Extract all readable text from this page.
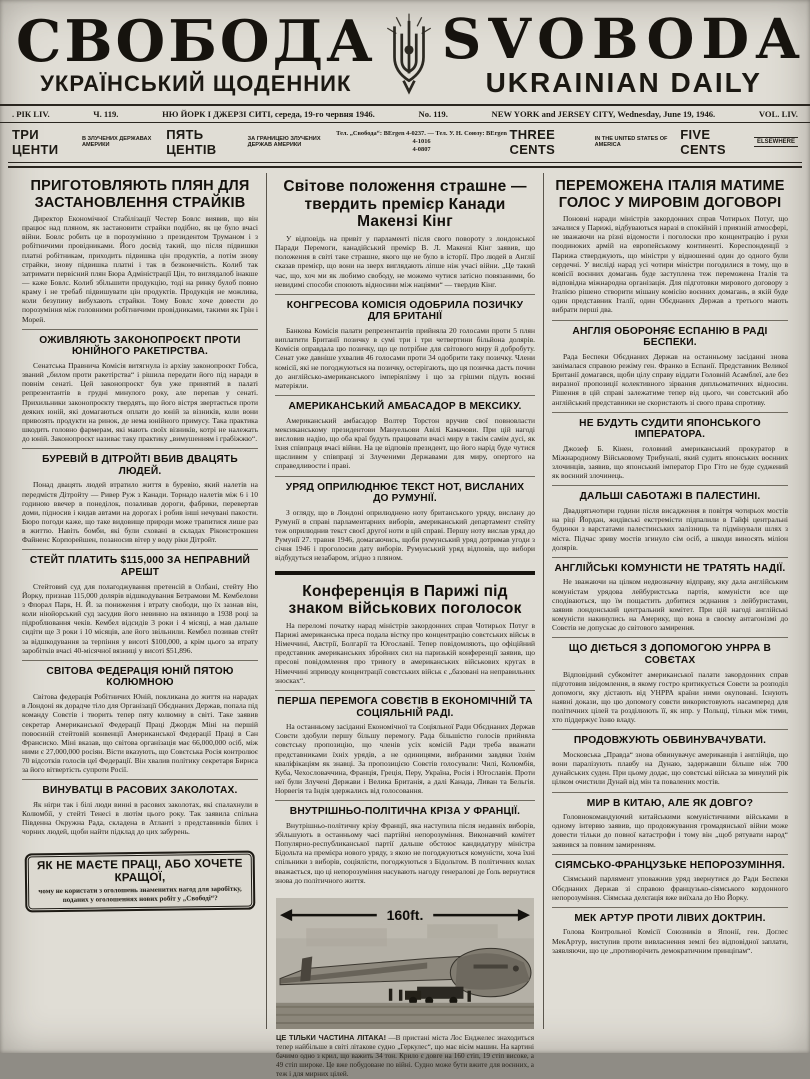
СВОБОДА
УКРАЇНСЬКИЙ ЩОДЕННИК
SVOBODA
UKRAINIAN DAILY
. РІК LIV.	Ч. 119.	НЮ ЙОРК І ДЖЕРЗІ СИТІ, середа, 19-го червня 1946.	No. 119.	NEW YORK and JERSEY CITY, Wednesday, June 19, 1946.	VOL. LIV.
ТРИ ЦЕНТИ
В ЗЛУЧЕНИХ ДЕРЖАВАХ АМЕРИКИ
ПЯТЬ ЦЕНТІВ
ЗА ГРАНИЦЕЮ ЗЛУЧЕНИХ ДЕРЖАВ АМЕРИКИ
Тел. „Свобода“: BErgen 4-0237. — Тел. У. Н. Союзу: BErgen 4-1016
4-0807
THREE CENTS
IN THE UNITED STATES OF AMERICA
FIVE CENTS	ELSEWHERE
ПРИГОТОВЛЯЮТЬ ПЛЯН ДЛЯ ЗАСТАНОВЛЕННЯ СТРАЙКІВ

Директор Економічної Стабілізації Честер Бовлс виявив, що він працює над пляном, як застановити страйки подібно, як це було вчасі війни. Бовлс робить це в порозумінню з президентом Труманом і з робітничими провідниками. Його досвід такий, що після підвишки платні робітникам, приходить підвишка цін продуктів, а потім знову страйки, знову підвишка платні і так в безконечність. Колиб так затримати первісний плян Бюра Адміністрації Цін, то виглядалоб інакше — каже Бовлс. Колиб збільшити продукцію, тоді на ринку булоб повно краму і не требаб підвишувати цін продуктів. Продукція не можлива, коли безупину вибухають страйки. Тому Бовлс хоче довести до порозуміння між головними робітничими провідниками, такими як Грін і Морей.

ОЖИВЛЯЮТЬ ЗАКОНОПРОЄКТ ПРОТИ ЮНІЙНОГО РАКЕТІРСТВА.

Сенатська Правнича Комісія витягнула із архіву законопроєкт Гобса, званий „билом проти ракетірства“ і рішила передати його під наради в повнім сенаті. Цей законопроєкт був уже принятий в палаті репрезентантів в грудні минулого року, але перепав у сенаті. Прихильники законопроєкту твердять, що його вістря звертається проти деяких юній, які домагаються оплати до юній за візників, коли вони привозять продукти на ринок, де нема юнійного примусу. Така практика шкодить головно фармерам, які мають своїх візників, котрі не належать до юній. Законопроєкт називає таку практику „вимушенням і грабіжжю“.

БУРЕВІЙ В ДІТРОЙТІ ВБИВ ДВАЦЯТЬ ЛЮДЕЙ.

Понад двацять людей втратило життя в буревію, який налетів на передмістя Дітройту — Ривер Руж з Канади. Торнадо налетів між 6 і 10 годиною ввечер в понеділок, позаливав дороги, фабрики, перевертав доми, підносив і кидав автами на дорогах і робив інші нечувані пакости. Бюро погоди каже, що таке видовище природи може трапитися лише раз в життю. Навіть бомби, які були сховані в складах Ріконстрокшен Файненс Корпорейшен, позаносив вітер у воду ріки Дітройт.

СТЕЙТ ПЛАТИТЬ $115,000 ЗА НЕПРАВНИЙ АРЕШТ

Стейтовий суд для полагоджування претенсій в Олбані, стейту Ню Йорку, признав 115,000 долярів відшкодування Бетрамови М. Кембелови з Флорал Парк, Н. Й. за пониження і втрату свободи, що їх зазнав він, коли ніюйорський суд засудив його невинно на вязницю в 1938 році за підроблювання чеків. Кембел відсидів 3 роки і 4 місяці, а мав дальше сидіти ще 3 роки і 10 місяців, але його звільнили. Кембел позивав стейт за відшкодування за терпіння у висоті $100,000, а крім цього за втрату заробітків вчасі 40-місячної вязниці у висоті $51,896.

СВІТОВА ФЕДЕРАЦІЯ ЮНІЙ ПЯТОЮ КОЛЮМНОЮ

Світова федерація Робітничих Юній, покликана до життя на нарадах в Лондоні як дорадче тіло для Організації Обєднаних Держав, попала під команду Совєтів і творить тепер пяту колюмну в світі. Таке заявив секретар Американської Федерації Праці Джордж Міні на першій повоєнній стейтовій конвенції Американської Федерації Праці в Сан Франсиско. Міні вказав, що світова організація має 66,000,000 осіб, між ними є 27,000,000 росіян. Вісти вказують, що Совєтська Росія контролює 70 відсотків голосів цеї Федерації. Він хвалив політику секретаря Бирнса за його вітвертість супроти Росії.

ВИНУВАТЦІ В РАСОВИХ ЗАКОЛОТАХ.

Як ніґри так і білі люди винні в расових заколотах, які спалахнули в Колюмбії, у стейті Тенесі в лютім цього року. Так заявила спільна Південна Окружна Рада, складена в Атланті з представників білих і чорних людей, щоби найти підклад до цих забурень.

ЯК НЕ МАЄТЕ ПРАЦІ, АБО ХОЧЕТЕ КРАЩОЇ,
чому не користати з оголошень знаменитих нагод для заробітку, поданих у оголошеннях нових робіт у „Свободі“?
Світове положення страшне — твердить премієр Канади Макензі Кінг

У відповідь на привіт у парламенті після свого повороту з лондонської Паради Перемоги, канадійський премієр В. Л. Макензі Кінг заявив, що положення в світі таке страшне, якого ще не було в історії. Про людей в Англії сказав премієр, що вони на зверх виглядають ліпше ніж учасі війни. „Це такий час, що, хоч ми як любимо свободу, не можемо чутися затісно повязаними, бо невидимі способи споюють відносини між націями“ — твердив Кінг.

КОНГРЕСОВА КОМІСІЯ ОДОБРИЛА ПОЗИЧКУ ДЛЯ БРИТАНІЇ

Банкова Комісія палати репрезентантів прийняла 20 голосами проти 5 плян виплатити Британії позичку в сумі три і три четвертини більйона долярів. Комісія оправдала цю позичку, що це потрібне для світового миру й добробуту. Сенат уже давніше ухвалив 46 голосами проти 34 одобрити таку позичку. Члени комісії, які не погоджуються на позичку, остерігають, що ця позичка дасть почин до англійсько-американського імперіялізму і що за грішми підуть воєнні матеріяли.

АМЕРИКАНСЬКИЙ АМБАСАДОР В МЕКСИКУ.

Американський амбасадор Волтер Торстон вручив свої повновласти мексиканському президентови Мануельови Авілі Камачови. При цій нагоді висловив надію, що оба краї будуть працювати вчасі миру в такім самім дусі, як їхня співпраця вчасі війни. На це відповів президент, що його нарід буде чутися щасливим у співпраці зі Злученими Державами для миру, опертого на справедливости і праві.

УРЯД ОПРИЛЮДНЮЄ ТЕКСТ НОТ, ВИСЛАНИХ ДО РУМУНІЇ.

З огляду, що в Лондоні оприлюднено ноту британського уряду, вислану до Румунії в справі парламентарних виборів, американський департамент стейту теж оприлюднив текст своєї другої ноти в цій справі. Першу ноту вислав уряд до Румунії 27. травня 1946, домагаючись, щоби румунський уряд дотримав угоди з січня 1946 і проголосив дату виборів. Румунський уряд відповів, що вибори відбудуться незабаром, згідно з пляном.

Конференція в Парижі під знаком військових поголосок

На переломі початку нарад міністрів закордонних справ Чотирьох Потуг в Парижі американська преса подала вістку про концентрацію совєтських військ в Німеччині, Австрії, Болгарії та Югославії. Тепер повідомляють, що офіційний представник американських збройних сил на паризькій конференції заявив, що пресові повідомлення про тривогу в американських військових кругах в Німеччині зприводу концентрації совєтських військ є „базовані на неправильних зносках“.

ПЕРША ПЕРЕМОГА СОВЄТІВ В ЕКОНОМІЧНІЙ ТА СОЦІЯЛЬНІЙ РАДІ.

На останньому засіданні Економічної та Соціяльної Ради Обєднаних Держав Совєти здобули першу більшу перемогу. Рада більшістю голосів прийняла совєтську пропозицію, що членів усіх комісій Ради треба вважати представниками їхніх урядів, а не одиницями, вибраними завдяки їхнім кваліфікаціям як знавці. За пропозицією Совєтів голосували: Чилі, Колюмбія, Куба, Чехословаччина, Франція, Греція, Перу, Україна, Росія і Югославія. Проти неї були Злучені Держави і Велика Британія, а далі Канада, Ливан та Бельгія. Норвегія та Індія здержались від голосовання.

ВНУТРІШНЬО-ПОЛІТИЧНА КРІЗА У ФРАНЦІЇ.

Внутрішньо-політичну крізу Франції, яка наступила після недавніх виборів, збільшують в останньому часі партійні непорозуміння. Виконавчий комітет Популярно-республиканської партії дальше обстоює кандидатуру міністра Бідольта на премієра нового уряду, з якою не погоджуються комуністи, хоча їхні спільники з виборів, соціялісти, погоджуються з Бідольтом. В політичних колах вважається, що ці непорозуміння насувають нагоду генералові де Ґоль вернутися знова до політичного життя.

160ft.
ЦЕ ТІЛЬКИ ЧАСТИНА ЛІТАКА! —В пристані міста Лос Енджелес знаходиться тепер найбільше в світі літакове судно „Геркулес“, що має вісім машин. На картині бачимо одно з крил, що важить 34 тон. Крило є довге на 160 стіп, 19 стіп високе, а 49 стіп широке. Це вже побудоване по війні. Судно може бути вжите для воєнних, а теж і для мирних цілей.
ПЕРЕМОЖЕНА ІТАЛІЯ МАТИМЕ ГОЛОС У МИРОВІМ ДОГОВОРІ

Поновні наради міністрів закордонних справ Чотирьох Потуг, що зачалися у Парижі, відбуваються наразі в спокійній і приязній атмосфері, не зважаючи на різні відомости і поголоски про концентрацію і рухи поодиноких армій на европейському континенті. Кореспонденції з Парижа стверджують, що міністри у відношенні один до одного були сердечні. У висліді нарад усі чотири міністри погодилися в тому, що в комісії воєнних домагань буде заступлена теж переможена Італія та відповідна міжнародна організація. Для підготовки мирового договору з Італією рішено створити мішану комісію воєнних домагань, в якій буде один представник Італії, один Обєднаних Держав а третього мають вибрати перші два.

АНГЛІЯ ОБОРОНЯЄ ЕСПАНІЮ В РАДІ БЕСПЕКИ.

Рада Беспеки Обєднаних Держав на останньому засіданні знова занімалася справою режіму ген. Франко в Еспанії. Представник Великої Британії домагався, щоби цілу справу віддати Головній Асамблеї, але без виразної пропозиції колективного зірвання дипльоматичних відносин. Рішення в цій справі залежатиме тепер від цього, чи совєтський або англійський представники не скористають зі свого права спротиву.

НЕ БУДУТЬ СУДИТИ ЯПОНСЬКОГО ІМПЕРАТОРА.

Джозеф Б. Кінен, головний американський прокуратор в Міжнародному Військовому Трибуналі, який судить японських воєнних злочинців, заявив, що японський імператор Гіро Гіто не буде суджений як воєнний злочинець.

ДАЛЬШІ САБОТАЖІ В ПАЛЕСТИНІ.

Двадцятьчотири години після висадження в повітря чотирьох мостів на ріці Йордан, жидівські екстремісти підпалили в Гайфі центральні будинки з варстатами палестинських залізниць та підмінували шлях з міста. Підчас зриву мостів згинуло сім осіб, а шкоди виносять міліон долярів.

АНГЛІЙСЬКІ КОМУНІСТИ НЕ ТРАТЯТЬ НАДІЇ.

Не зважаючи на цілком недвозначну відправу, яку дала англійським комуністам урядова лейбуристська партія, комуністи все ще сподіваються, що їм пощастить добитися зєднання з лейбуристами, заявив лондонський центральний комітет. При цій нагоді англійські комуністи накинулись на Америку, що вона в своєму антагонізмі до Совєтів не допускає до світового замирення.

ЩО ДІЄТЬСЯ З ДОПОМОГОЮ УНРРА В СОВЄТАХ

Відповідний субкомітет американської палати закордонних справ підготовив звідомлення, в якому гостро критикується Совєти за розподіл допомоги, яку дістають від УНРРА країни ними окуповані. Існують наявні докази, що цю допомогу совєти використовують насамперед для політичних цілей та розділюють її, як нпр. у Польщі, тільки між тими, хто піддержує їхню владу.

ПРОДОВЖУЮТЬ ОБВИНУВАЧУВАТИ.

Московська „Правда“ знова обвинувачує американців і англійців, що вони паралізують плавбу на Дунаю, задержавши більше ніж 700 дунайських суден. При цьому додає, що совєтські війська за минулий рік цілком очистили Дунай від мін та повалених мостів.

МИР В КИТАЮ, АЛЕ ЯК ДОВГО?

Головнокомандуючий китайськими комуністичними військами в одному інтервю заявив, що продовжування громадянської війни може довести тільки до повної катастрофи і тому він „щоб рятувати народ“ заявився за повним замиренням.

СІЯМСЬКО-ФРАНЦУЗЬКЕ НЕПОРОЗУМІННЯ.

Сіямський парлямент уповажнив уряд звернутися до Ради Беспеки Обєднаних Держав зі справою французько-сіямського кордонного непорозуміння. Сіямська делєґація вже виїхала до Ню Йорку.

МЕК АРТУР ПРОТИ ЛІВИХ ДОКТРИН.

Голова Контрольної Комісії Союзників в Японії, ген. Доґлес МекАртур, виступив проти вивласнення землі без відповідної заплати, заявляючи, що це „противорічить демократичним принціпам“.
